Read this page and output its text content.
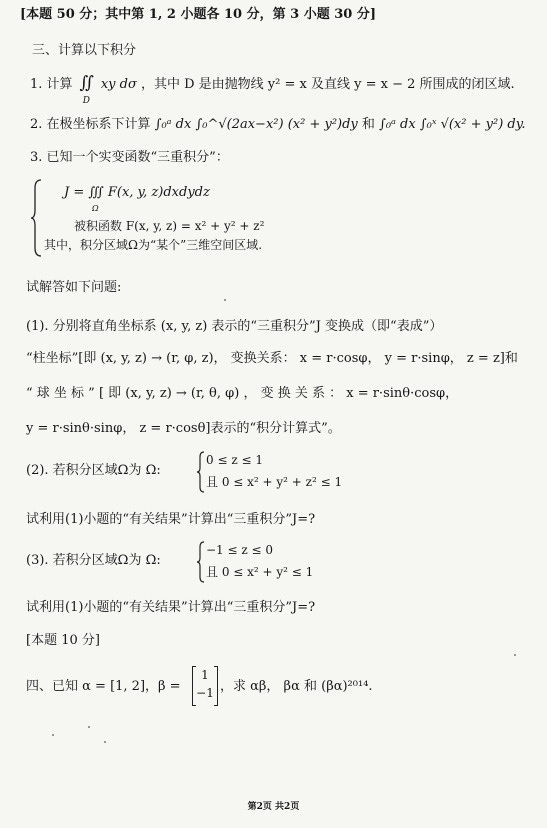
[本题 50 分；其中第 1, 2 小题各 10 分，第 3 小题 30 分]
三、计算以下积分
1. 计算 ∬
D
xy dσ ，其中 D 是由抛物线 y² = x 及直线 y = x − 2 所围成的闭区域.
2. 在极坐标系下计算 ∫₀ᵃ dx ∫₀^√(2ax−x²) (x² + y²)dy 和 ∫₀ᵃ dx ∫₀ˣ √(x² + y²) dy.
3. 已知一个实变函数“三重积分”：
J = ∭ F(x, y, z)dxdydz
Ω
被积函数 F(x, y, z) = x² + y² + z²
其中，积分区域Ω为“某个”三维空间区域.
试解答如下问题:
(1). 分别将直角坐标系 (x, y, z) 表示的“三重积分”J 变换成（即“表成”）
“柱坐标”[即 (x, y, z) → (r, φ, z)， 变换关系： x = r·cosφ， y = r·sinφ， z = z]和
“ 球 坐 标 ” [ 即 (x, y, z) → (r, θ, φ) ， 变 换 关 系 ： x = r·sinθ·cosφ，
y = r·sinθ·sinφ， z = r·cosθ]表示的“积分计算式”。
(2). 若积分区域Ω为 Ω:
0 ≤ z ≤ 1
且 0 ≤ x² + y² + z² ≤ 1
试利用(1)小题的“有关结果”计算出“三重积分”J=?
(3). 若积分区域Ω为 Ω:
−1 ≤ z ≤ 0
且 0 ≤ x² + y² ≤ 1
试利用(1)小题的“有关结果”计算出“三重积分”J=?
[本题 10 分]
四、已知 α = [1, 2]，β =
1
−1 ，求 αβ， βα 和 (βα)²⁰¹⁴.
第2页 共2页
